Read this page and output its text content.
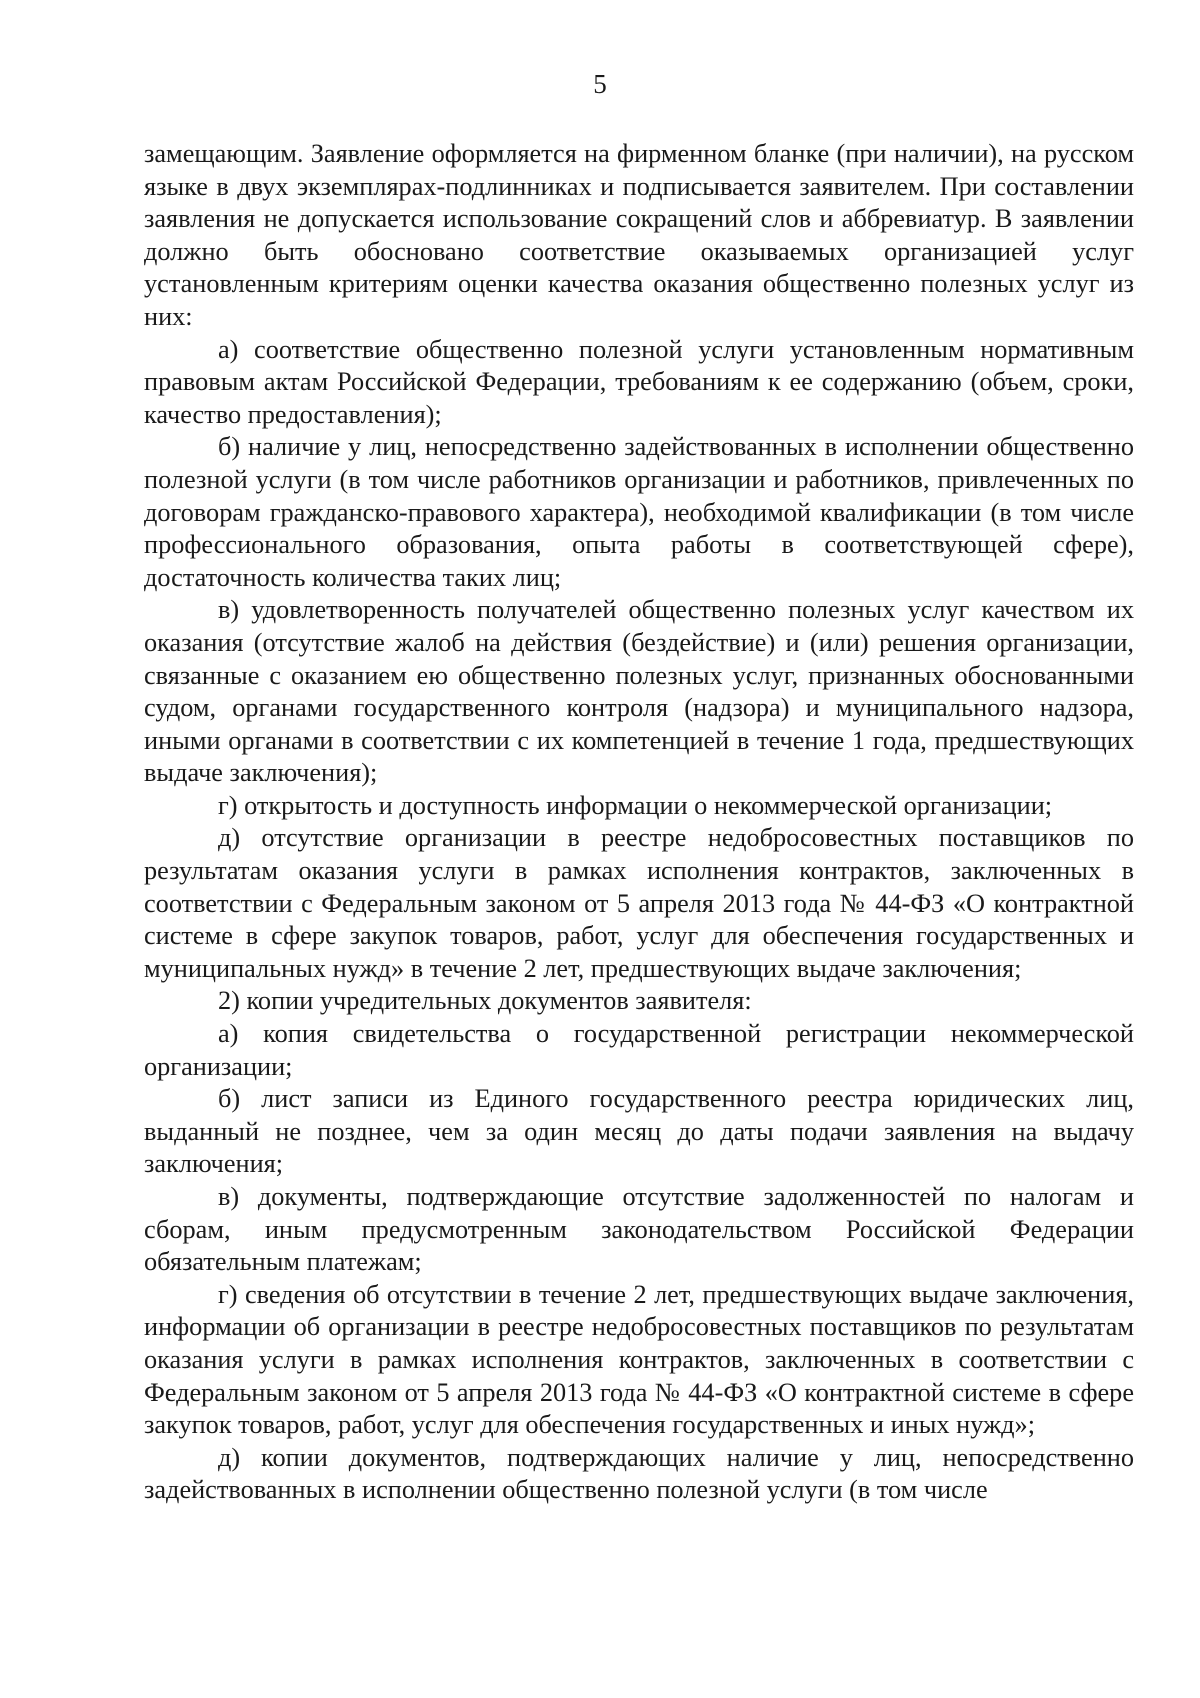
5

замещающим. Заявление оформляется на фирменном бланке (при наличии), на русском языке в двух экземплярах-подлинниках и подписывается заявителем. При составлении заявления не допускается использование сокращений слов и аббревиатур. В заявлении должно быть обосновано соответствие оказываемых организацией услуг установленным критериям оценки качества оказания общественно полезных услуг из них:

а) соответствие общественно полезной услуги установленным нормативным правовым актам Российской Федерации, требованиям к ее содержанию (объем, сроки, качество предоставления);

б) наличие у лиц, непосредственно задействованных в исполнении общественно полезной услуги (в том числе работников организации и работников, привлеченных по договорам гражданско-правового характера), необходимой квалификации (в том числе профессионального образования, опыта работы в соответствующей сфере), достаточность количества таких лиц;

в) удовлетворенность получателей общественно полезных услуг качеством их оказания (отсутствие жалоб на действия (бездействие) и (или) решения организации, связанные с оказанием ею общественно полезных услуг, признанных обоснованными судом, органами государственного контроля (надзора) и муниципального надзора, иными органами в соответствии с их компетенцией в течение 1 года, предшествующих выдаче заключения);

г) открытость и доступность информации о некоммерческой организации;

д) отсутствие организации в реестре недобросовестных поставщиков по результатам оказания услуги в рамках исполнения контрактов, заключенных в соответствии с Федеральным законом от 5 апреля 2013 года № 44-ФЗ «О контрактной системе в сфере закупок товаров, работ, услуг для обеспечения государственных и муниципальных нужд» в течение 2 лет, предшествующих выдаче заключения;

2) копии учредительных документов заявителя:

а) копия свидетельства о государственной регистрации некоммерческой организации;

б) лист записи из Единого государственного реестра юридических лиц, выданный не позднее, чем за один месяц до даты подачи заявления на выдачу заключения;

в) документы, подтверждающие отсутствие задолженностей по налогам и сборам, иным предусмотренным законодательством Российской Федерации обязательным платежам;

г) сведения об отсутствии в течение 2 лет, предшествующих выдаче заключения, информации об организации в реестре недобросовестных поставщиков по результатам оказания услуги в рамках исполнения контрактов, заключенных в соответствии с Федеральным законом от 5 апреля 2013 года № 44-ФЗ «О контрактной системе в сфере закупок товаров, работ, услуг для обеспечения государственных и иных нужд»;

д) копии документов, подтверждающих наличие у лиц, непосредственно задействованных в исполнении общественно полезной услуги (в том числе
